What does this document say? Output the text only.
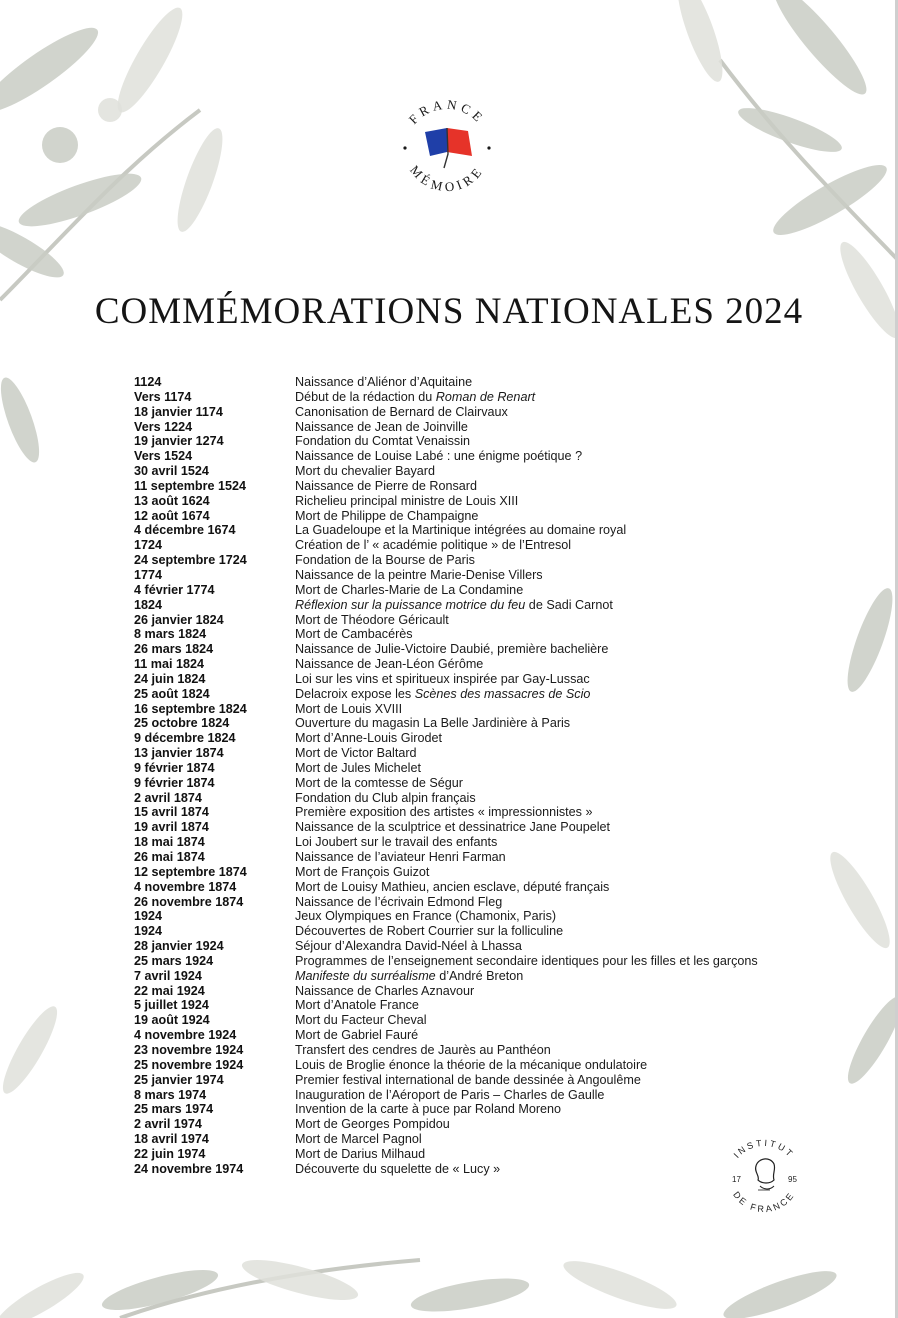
FRANCE
MÉMOIRE
COMMÉMORATIONS NATIONALES 2024
1124	Naissance d’Aliénor d’Aquitaine
Vers 1174	Début de la rédaction du Roman de Renart
18 janvier 1174	Canonisation de Bernard de Clairvaux
Vers 1224	Naissance de Jean de Joinville
19 janvier 1274	Fondation du Comtat Venaissin
Vers 1524	Naissance de Louise Labé : une énigme poétique ?
30 avril 1524	Mort du chevalier Bayard
11 septembre 1524	Naissance de Pierre de Ronsard
13 août 1624	Richelieu principal ministre de Louis XIII
12 août 1674	Mort de Philippe de Champaigne
4 décembre 1674	La Guadeloupe et la Martinique intégrées au domaine royal
1724	Création de l’ « académie politique » de l’Entresol
24 septembre 1724	Fondation de la Bourse de Paris
1774	Naissance de la peintre Marie-Denise Villers
4 février 1774	Mort de Charles-Marie de La Condamine
1824	Réflexion sur la puissance motrice du feu de Sadi Carnot
26 janvier 1824	Mort de Théodore Géricault
8 mars 1824	Mort de Cambacérès
26 mars 1824	Naissance de Julie-Victoire Daubié, première bachelière
11 mai 1824	Naissance de Jean-Léon Gérôme
24 juin 1824	Loi sur les vins et spiritueux inspirée par Gay-Lussac
25 août 1824	Delacroix expose les Scènes des massacres de Scio
16 septembre 1824	Mort de Louis XVIII
25 octobre 1824	Ouverture du magasin La Belle Jardinière à Paris
9 décembre 1824	Mort d’Anne-Louis Girodet
13 janvier 1874	Mort de Victor Baltard
9 février 1874	Mort de Jules Michelet
9 février 1874	Mort de la comtesse de Ségur
2 avril 1874	Fondation du Club alpin français
15 avril 1874	Première exposition des artistes « impressionnistes »
19 avril 1874	Naissance de la sculptrice et dessinatrice Jane Poupelet
18 mai 1874	Loi Joubert sur le travail des enfants
26 mai 1874	Naissance de l’aviateur Henri Farman
12 septembre 1874	Mort de François Guizot
4 novembre 1874	Mort de Louisy Mathieu, ancien esclave, député français
26 novembre 1874	Naissance de l’écrivain Edmond Fleg
1924	Jeux Olympiques en France (Chamonix, Paris)
1924	Découvertes de Robert Courrier sur la folliculine
28 janvier 1924	Séjour d’Alexandra David-Néel à Lhassa
25 mars 1924	Programmes de l’enseignement secondaire identiques pour les filles et les garçons
7 avril 1924	Manifeste du surréalisme d’André Breton
22 mai 1924	Naissance de Charles Aznavour
5 juillet 1924	Mort d’Anatole France
19 août 1924	Mort du Facteur Cheval
4 novembre 1924	Mort de Gabriel Fauré
23 novembre 1924	Transfert des cendres de Jaurès au Panthéon
25 novembre 1924	Louis de Broglie énonce la théorie de la mécanique ondulatoire
25 janvier 1974	Premier festival international de bande dessinée à Angoulême
8 mars 1974	Inauguration de l’Aéroport de Paris – Charles de Gaulle
25 mars 1974	Invention de la carte à puce par Roland Moreno
2 avril 1974	Mort de Georges Pompidou
18 avril 1974	Mort de Marcel Pagnol
22 juin 1974	Mort de Darius Milhaud
24 novembre 1974	Découverte du squelette de « Lucy »
INSTITUT
DE FRANCE
17	95
